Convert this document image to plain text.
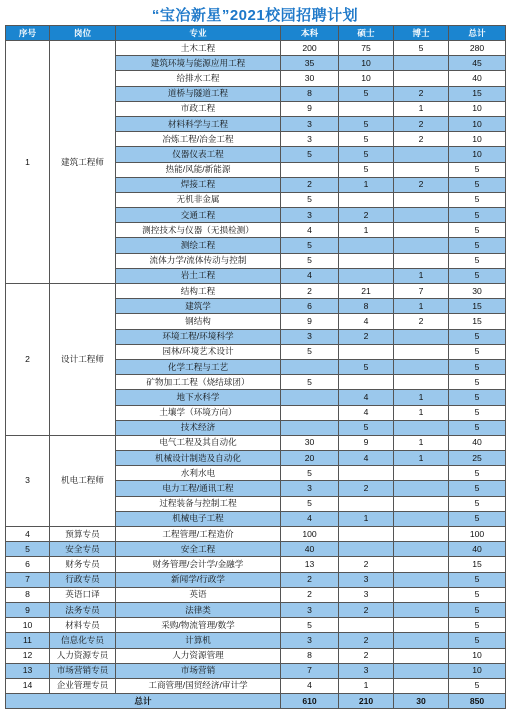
“宝冶新星”2021校园招聘计划
序号	岗位	专业	本科	硕士	博士	总计
1	建筑工程师	土木工程	200	75	5	280
		建筑环境与能源应用工程	35	10		45
		给排水工程	30	10		40
		道桥与隧道工程	8	5	2	15
		市政工程	9		1	10
		材料科学与工程	3	5	2	10
		冶炼工程/冶金工程	3	5	2	10
		仪器仪表工程	5	5		10
		热能/风能/新能源		5		5
		焊接工程	2	1	2	5
		无机非金属	5			5
		交通工程	3	2		5
		测控技术与仪器（无损检测）	4	1		5
		测绘工程	5			5
		流体力学/流体传动与控制	5			5
		岩土工程	4		1	5
2	设计工程师	结构工程	2	21	7	30
		建筑学	6	8	1	15
		钢结构	9	4	2	15
		环境工程/环境科学	3	2		5
		园林/环境艺术设计	5			5
		化学工程与工艺		5		5
		矿物加工工程（烧结球团）	5			5
		地下水科学		4	1	5
		土壤学（环境方向）		4	1	5
		技术经济		5		5
3	机电工程师	电气工程及其自动化	30	9	1	40
		机械设计制造及自动化	20	4	1	25
		水利水电	5			5
		电力工程/通讯工程	3	2		5
		过程装备与控制工程	5			5
		机械电子工程	4	1		5
4	预算专员	工程管理/工程造价	100			100
5	安全专员	安全工程	40			40
6	财务专员	财务管理/会计学/金融学	13	2		15
7	行政专员	新闻学/行政学	2	3		5
8	英语口译	英语	2	3		5
9	法务专员	法律类	3	2		5
10	材料专员	采购/物流管理/数学	5			5
11	信息化专员	计算机	3	2		5
12	人力资源专员	人力资源管理	8	2		10
13	市场营销专员	市场营销	7	3		10
14	企业管理专员	工商管理/国贸经济/审计学	4	1		5
总计			610	210	30	850
